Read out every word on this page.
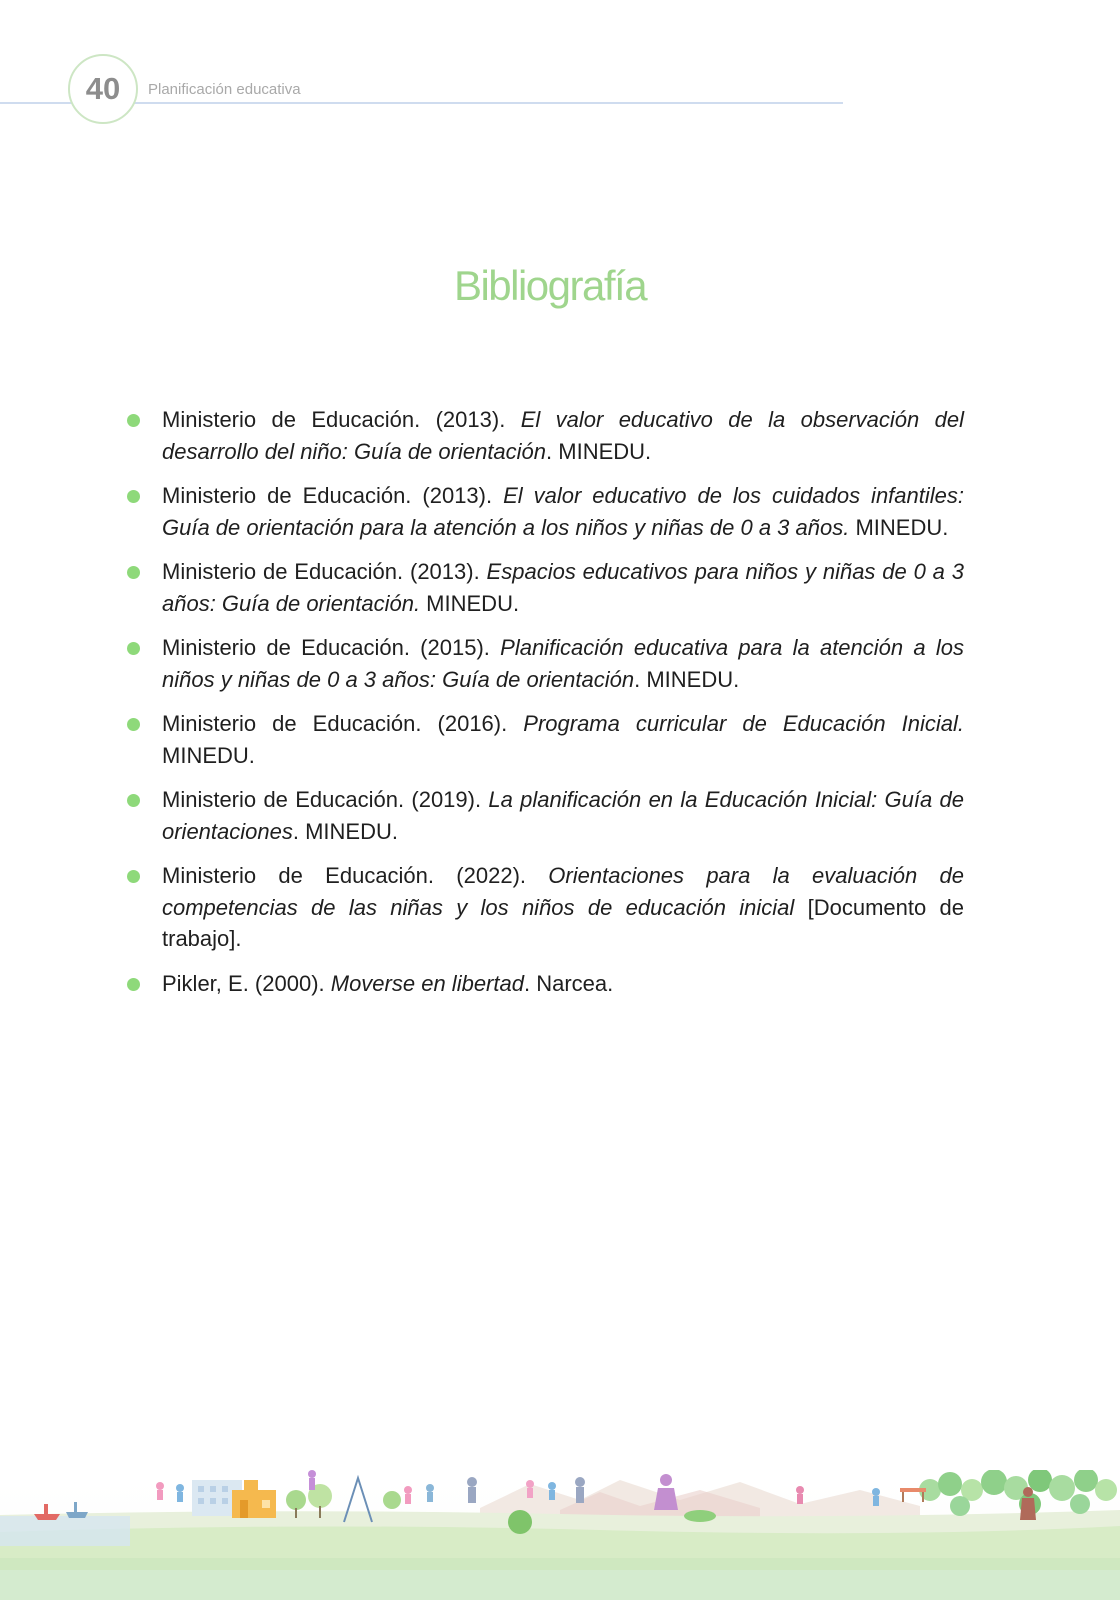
40	Planificación educativa
Bibliografía
Ministerio de Educación. (2013). El valor educativo de la observación del desarrollo del niño: Guía de orientación. MINEDU.
Ministerio de Educación. (2013). El valor educativo de los cuidados infantiles: Guía de orientación para la atención a los niños y niñas de 0 a 3 años. MINEDU.
Ministerio de Educación. (2013). Espacios educativos para niños y niñas de 0 a 3 años: Guía de orientación. MINEDU.
Ministerio de Educación. (2015). Planificación educativa para la atención a los niños y niñas de 0 a 3 años: Guía de orientación. MINEDU.
Ministerio de Educación. (2016). Programa curricular de Educación Inicial. MINEDU.
Ministerio de Educación. (2019). La planificación en la Educación Inicial: Guía de orientaciones. MINEDU.
Ministerio de Educación. (2022). Orientaciones para la evaluación de competencias de las niñas y los niños de educación inicial [Documento de trabajo].
Pikler, E. (2000). Moverse en libertad. Narcea.
